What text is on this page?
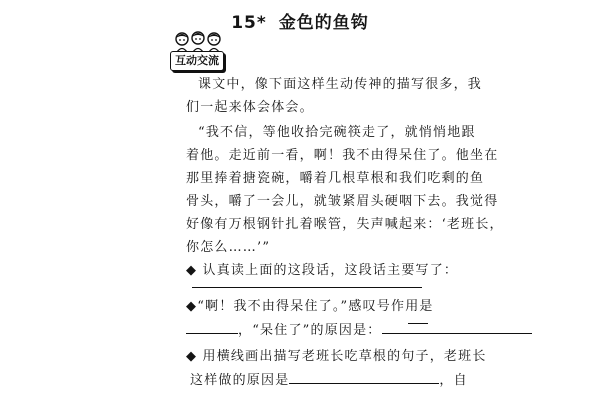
15* 金色的鱼钩
互动交流
课文中，像下面这样生动传神的描写很多，我
们一起来体会体会。
“我不信，等他收拾完碗筷走了，就悄悄地跟
着他。走近前一看，啊！我不由得呆住了。他坐在
那里捧着搪瓷碗，嚼着几根草根和我们吃剩的鱼
骨头，嚼了一会儿，就皱紧眉头硬咽下去。我觉得
好像有万根钢针扎着喉管，失声喊起来：‘老班长，
你怎么……’”
◆ 认真读上面的这段话，这段话主要写了：
◆“啊！我不由得呆住了。”感叹号作用是
，“呆住了”的原因是：
◆ 用横线画出描写老班长吃草根的句子，老班长
这样做的原因是	，自
